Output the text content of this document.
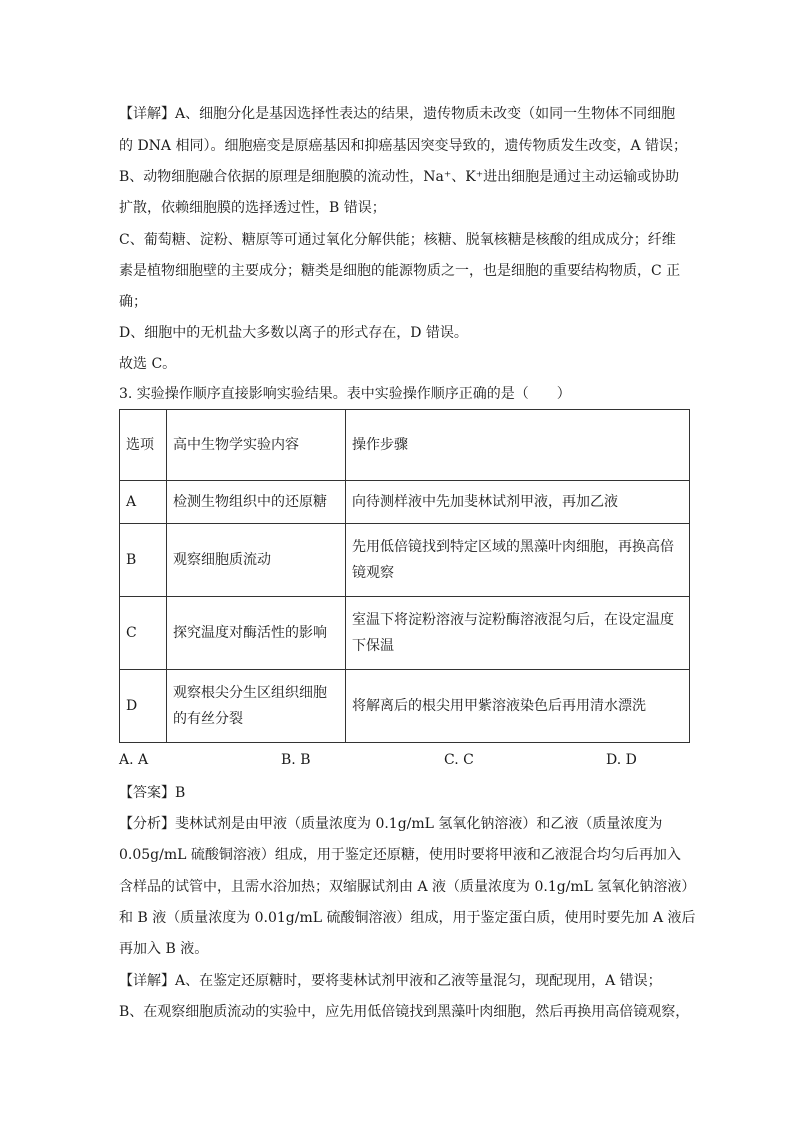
【详解】A、细胞分化是基因选择性表达的结果，遗传物质未改变（如同一生物体不同细胞
的 DNA 相同）。细胞癌变是原癌基因和抑癌基因突变导致的，遗传物质发生改变，A 错误；
B、动物细胞融合依据的原理是细胞膜的流动性，Na⁺、K⁺进出细胞是通过主动运输或协助
扩散，依赖细胞膜的选择透过性，B 错误；
C、葡萄糖、淀粉、糖原等可通过氧化分解供能；核糖、脱氧核糖是核酸的组成成分；纤维
素是植物细胞壁的主要成分；糖类是细胞的能源物质之一，也是细胞的重要结构物质，C 正
确；
D、细胞中的无机盐大多数以离子的形式存在，D 错误。
故选 C。
3. 实验操作顺序直接影响实验结果。表中实验操作顺序正确的是（　　）
选项	高中生物学实验内容	操作步骤
A	检测生物组织中的还原糖	向待测样液中先加斐林试剂甲液，再加乙液
B	观察细胞质流动	先用低倍镜找到特定区域的黑藻叶肉细胞，再换高倍镜观察
C	探究温度对酶活性的影响	室温下将淀粉溶液与淀粉酶溶液混匀后，在设定温度下保温
D	观察根尖分生区组织细胞的有丝分裂	将解离后的根尖用甲紫溶液染色后再用清水漂洗
A. A	B. B	C. C	D. D
【答案】B
【分析】斐林试剂是由甲液（质量浓度为 0.1g/mL 氢氧化钠溶液）和乙液（质量浓度为
0.05g/mL 硫酸铜溶液）组成，用于鉴定还原糖，使用时要将甲液和乙液混合均匀后再加入
含样品的试管中，且需水浴加热；双缩脲试剂由 A 液（质量浓度为 0.1g/mL 氢氧化钠溶液）
和 B 液（质量浓度为 0.01g/mL 硫酸铜溶液）组成，用于鉴定蛋白质，使用时要先加 A 液后
再加入 B 液。
【详解】A、在鉴定还原糖时，要将斐林试剂甲液和乙液等量混匀，现配现用，A 错误；
B、在观察细胞质流动的实验中，应先用低倍镜找到黑藻叶肉细胞，然后再换用高倍镜观察，
